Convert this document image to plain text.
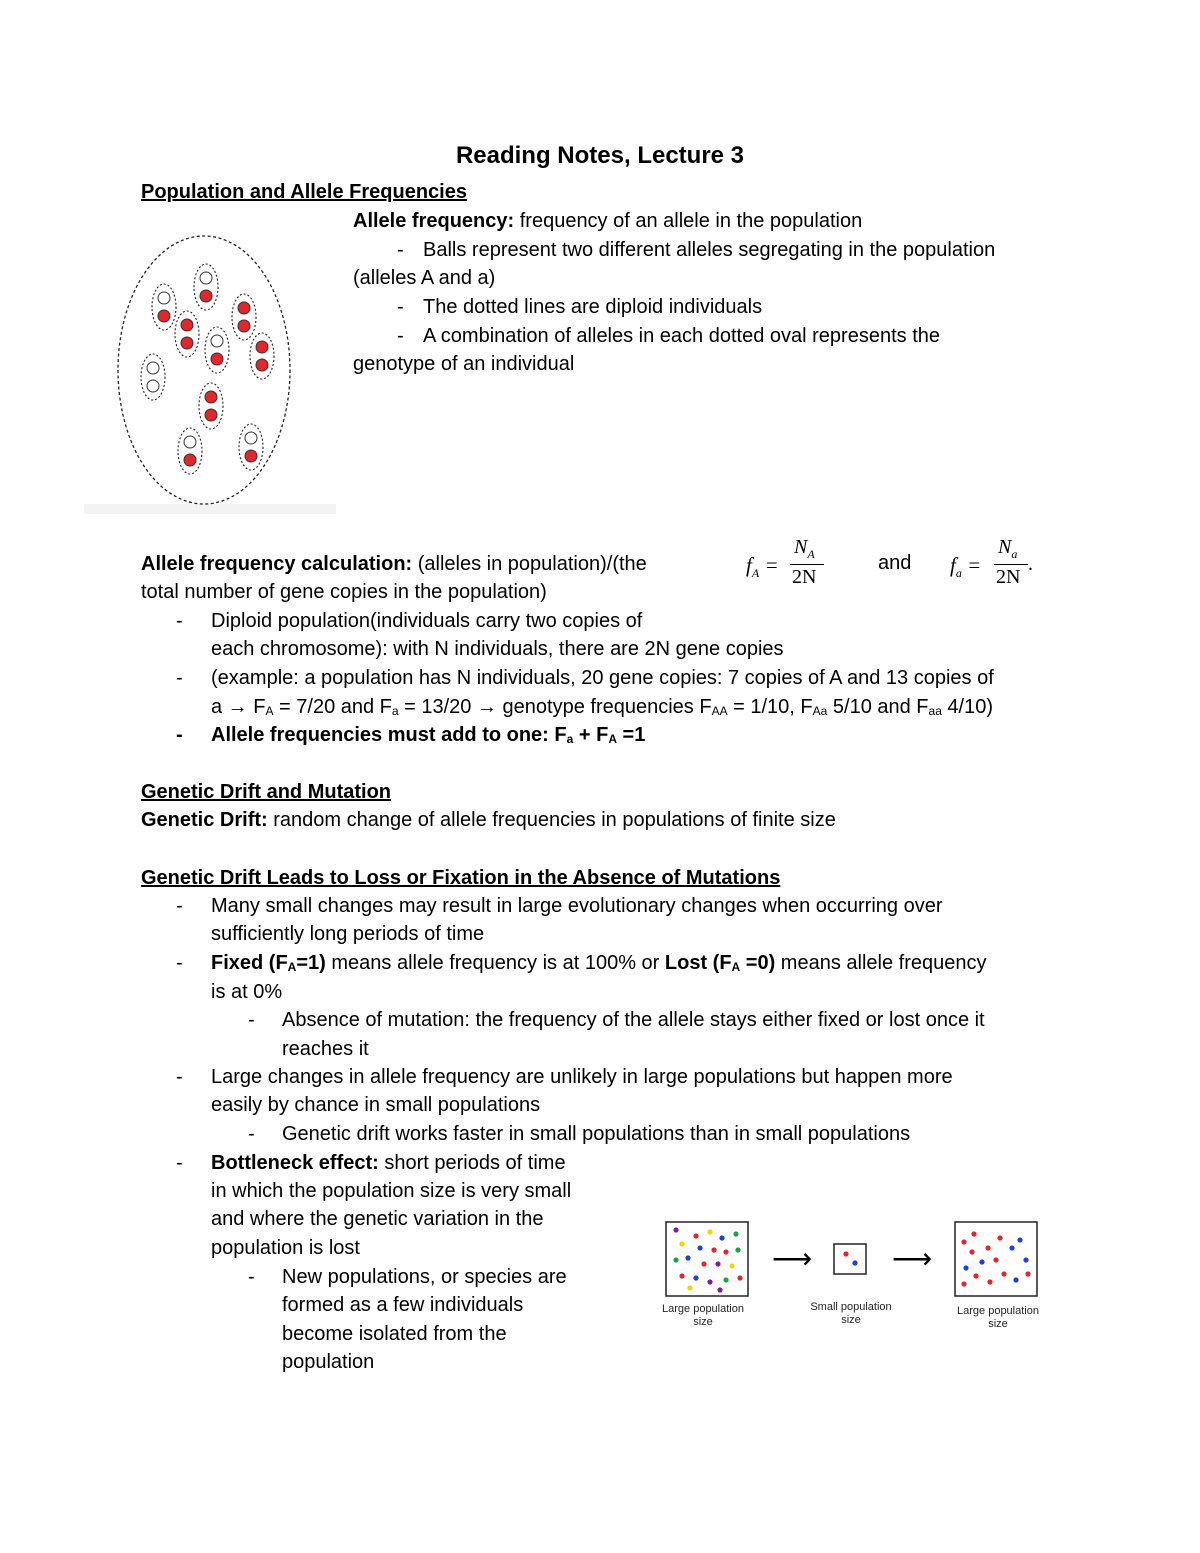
Reading Notes, Lecture 3
Population and Allele Frequencies
Allele frequency: frequency of an allele in the population
- Balls represent two different alleles segregating in the population
(alleles A and a)
- The dotted lines are diploid individuals
- A combination of alleles in each dotted oval represents the
genotype of an individual
Allele frequency calculation: (alleles in population)/(the
total number of gene copies in the population)
$f_A$ =
$N_A$
2N
and $f_a$ =
$N_a$
2N
.
- Diploid population(individuals carry two copies of
each chromosome): with N individuals, there are 2N gene copies
- (example: a population has N individuals, 20 gene copies: 7 copies of A and 13 copies of
$a \to F_A = 7/20$ and $F_a = 13/20$ → genotype frequencies $F_{AA} = 1/10$, $F_{Aa}$ 5/10 and $F_{aa}$ 4/10)
- Allele frequencies must add to one: $F_a + F_A =1$
Genetic Drift and Mutation
Genetic Drift: random change of allele frequencies in populations of finite size
Genetic Drift Leads to Loss or Fixation in the Absence of Mutations
- Many small changes may result in large evolutionary changes when occurring over
sufficiently long periods of time
- Fixed $(F_A=1)$ means allele frequency is at 100% or Lost $(F_A =0)$ means allele frequency
is at 0%
- Absence of mutation: the frequency of the allele stays either fixed or lost once it
reaches it
- Large changes in allele frequency are unlikely in large populations but happen more
easily by chance in small populations
- Genetic drift works faster in small populations than in small populations
- Bottleneck effect: short periods of time
in which the population size is very small
and where the genetic variation in the
population is lost
- New populations, or species are
formed as a few individuals
become isolated from the
population
⟶	⟶
Large population
size
Small population
size
Large population
size
